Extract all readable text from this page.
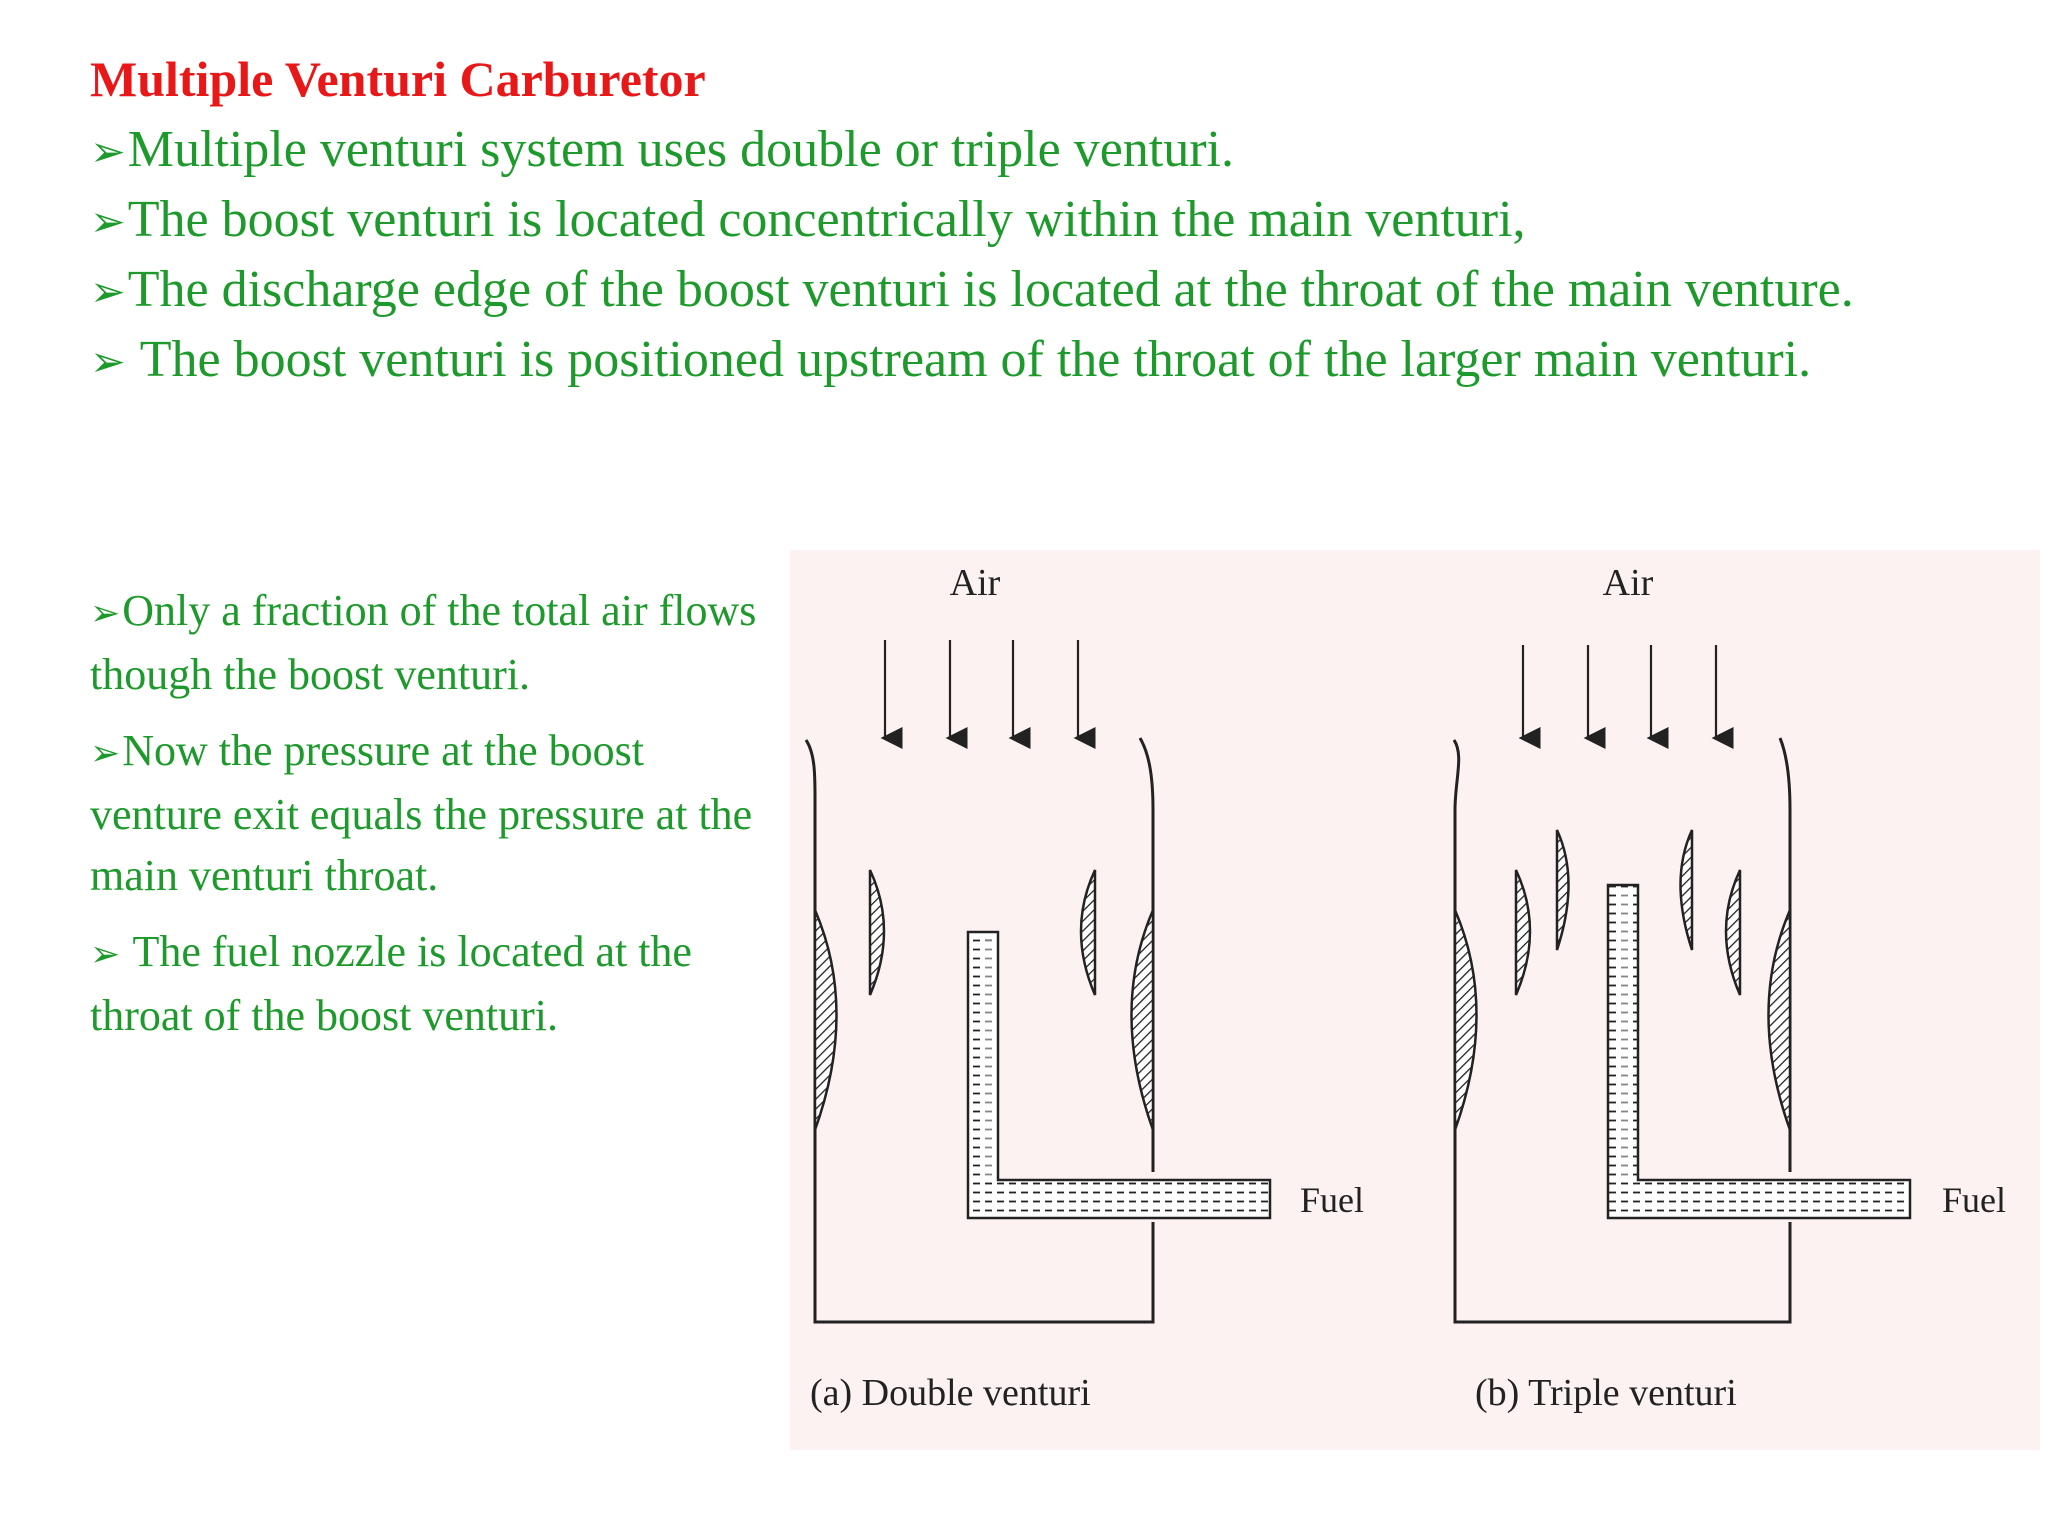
Multiple Venturi Carburetor
➢Multiple venturi system uses double or triple venturi.
➢The boost venturi is located concentrically within the main venturi,
➢The discharge edge of the boost venturi is located at the throat of the main venture.
➢ The boost venturi is positioned upstream of the throat of the larger main venturi.
➢Only a fraction of the total air flows though the boost venturi.
➢Now the pressure at the boost venture exit equals the pressure at the main venturi throat.
➢ The fuel nozzle is located at the throat of the boost venturi.
Air
Fuel
(a) Double venturi
Air
Fuel
(b) Triple venturi
